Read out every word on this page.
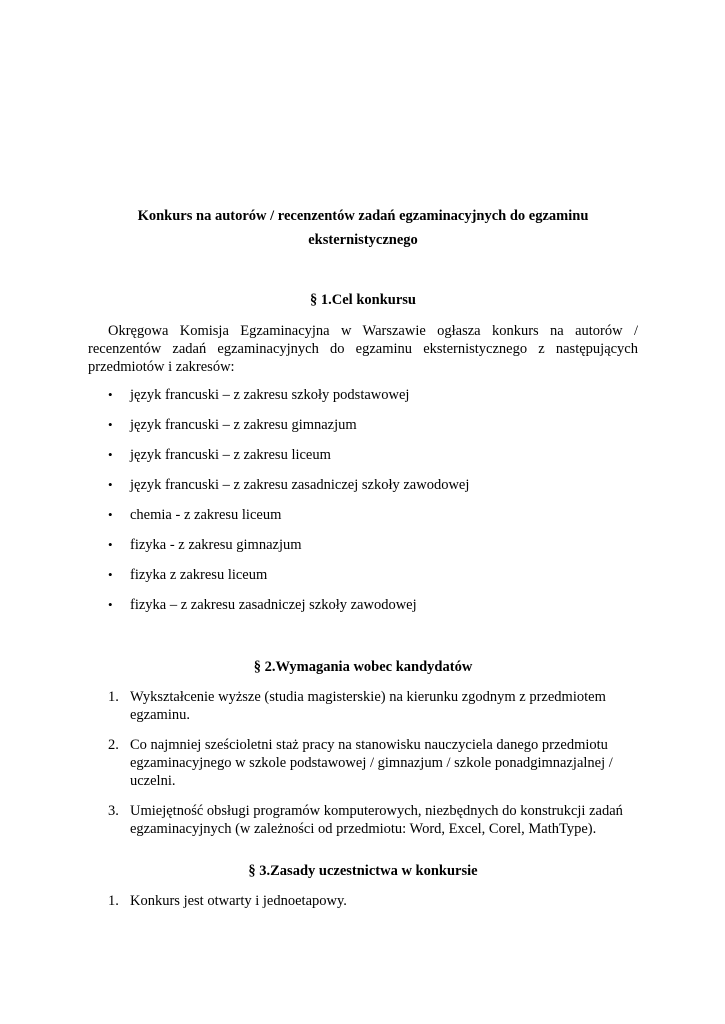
Konkurs na autorów / recenzentów zadań egzaminacyjnych do egzaminu
eksternistycznego
§ 1.Cel konkursu
Okręgowa Komisja Egzaminacyjna w Warszawie ogłasza konkurs na autorów /
recenzentów zadań egzaminacyjnych do egzaminu eksternistycznego z następujących
przedmiotów i zakresów:
• język francuski – z zakresu szkoły podstawowej
• język francuski – z zakresu gimnazjum
• język francuski – z zakresu liceum
• język francuski – z zakresu zasadniczej szkoły zawodowej
• chemia - z zakresu liceum
• fizyka - z zakresu gimnazjum
• fizyka z zakresu liceum
• fizyka – z zakresu zasadniczej szkoły zawodowej
§ 2.Wymagania wobec kandydatów
1. Wykształcenie wyższe (studia magisterskie) na kierunku zgodnym z przedmiotem egzaminu.
2. Co najmniej sześcioletni staż pracy na stanowisku nauczyciela danego przedmiotu egzaminacyjnego w szkole podstawowej / gimnazjum / szkole ponadgimnazjalnej / uczelni.
3. Umiejętność obsługi programów komputerowych, niezbędnych do konstrukcji zadań egzaminacyjnych (w zależności od przedmiotu: Word, Excel, Corel, MathType).
§ 3.Zasady uczestnictwa w konkursie
1. Konkurs jest otwarty i jednoetapowy.
